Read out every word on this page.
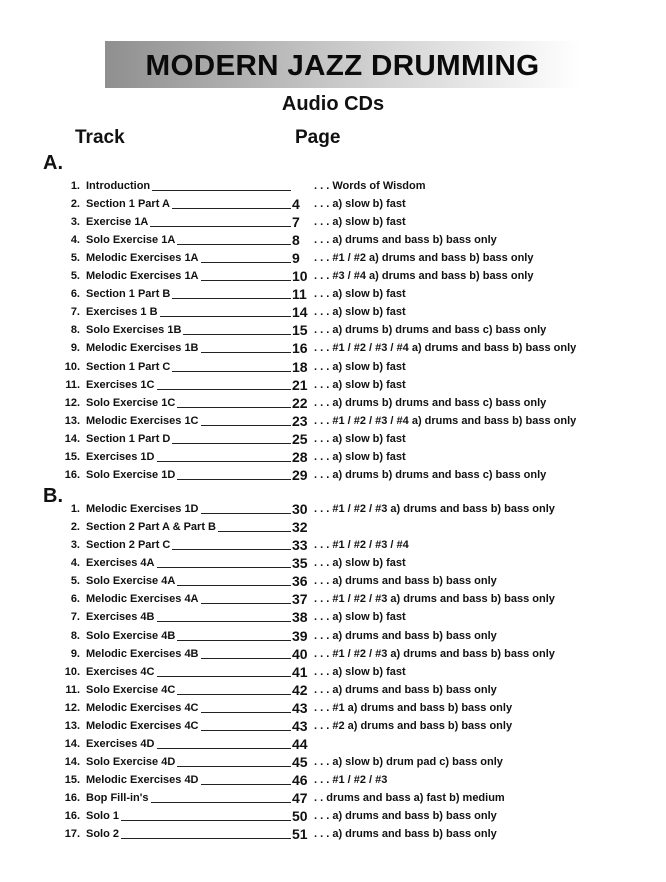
MODERN JAZZ DRUMMING
Audio CDs
Track	Page
A.
1. Introduction	. . . Words of Wisdom
2. Section 1 Part A	4 . . . a) slow b) fast
3. Exercise 1A	7 . . . a) slow b) fast
4. Solo Exercise 1A	8 . . . a) drums and bass b) bass only
5. Melodic Exercises 1A	9 . . . #1 / #2 a) drums and bass b) bass only
5. Melodic Exercises 1A	10 . . . #3 / #4 a) drums and bass b) bass only
6. Section 1 Part B	11 . . . a) slow b) fast
7. Exercises 1 B	14 . . . a) slow b) fast
8. Solo Exercises 1B	15 . . . a) drums b) drums and bass c) bass only
9. Melodic Exercises 1B	16 . . . #1 / #2 / #3 / #4 a) drums and bass b) bass only
10. Section 1 Part C	18 . . . a) slow b) fast
11. Exercises 1C	21 . . . a) slow b) fast
12. Solo Exercise 1C	22 . . . a) drums b) drums and bass c) bass only
13. Melodic Exercises 1C	23 . . . #1 / #2 / #3 / #4 a) drums and bass b) bass only
14. Section 1 Part D	25 . . . a) slow b) fast
15. Exercises 1D	28 . . . a) slow b) fast
16. Solo Exercise 1D	29 . . . a) drums b) drums and bass c) bass only
B.
1. Melodic Exercises 1D	30 . . . #1 / #2 / #3 a) drums and bass b) bass only
2. Section 2 Part A & Part B	32
3. Section 2 Part C	33 . . . #1 / #2 / #3 / #4
4. Exercises 4A	35 . . . a) slow b) fast
5. Solo Exercise 4A	36 . . . a) drums and bass b) bass only
6. Melodic Exercises 4A	37 . . . #1 / #2 / #3 a) drums and bass b) bass only
7. Exercises 4B	38 . . . a) slow b) fast
8. Solo Exercise 4B	39 . . . a) drums and bass b) bass only
9. Melodic Exercises 4B	40 . . . #1 / #2 / #3 a) drums and bass b) bass only
10. Exercises 4C	41 . . . a) slow b) fast
11. Solo Exercise 4C	42 . . . a) drums and bass b) bass only
12. Melodic Exercises 4C	43 . . . #1 a) drums and bass b) bass only
13. Melodic Exercises 4C	43 . . . #2 a) drums and bass b) bass only
14. Exercises 4D	44
14. Solo Exercise 4D	45 . . . a) slow b) drum pad c) bass only
15. Melodic Exercises 4D	46 . . . #1 / #2 / #3
16. Bop Fill-in's	47 . . drums and bass a) fast b) medium
16. Solo 1	50 . . . a) drums and bass b) bass only
17. Solo 2	51 . . . a) drums and bass b) bass only
